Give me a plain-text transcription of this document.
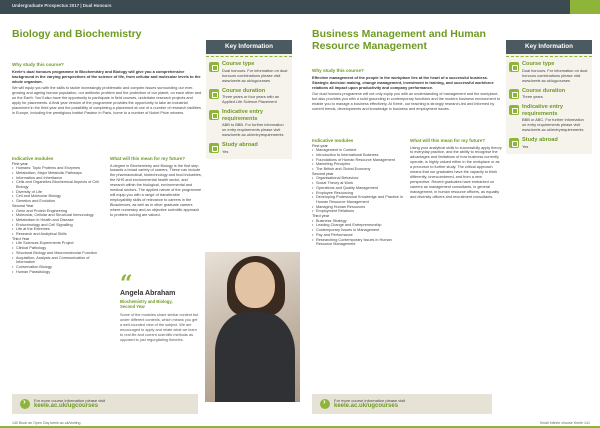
Undergraduate Prospectus 2017 | Dual Honours
Biology and Biochemistry
Why study this course?
Keele's dual honours programme in Biochemistry and Biology will give you a comprehensive background in the varying perspectives of the science of life, from cellular and molecular levels to the whole organism.
We will equip you with the skills to tackle increasingly problematic and complex issues surrounding our ever-growing and ageing human population, our antibiotic problem and the protection of our planet, on each other and on the Earth. You'll also have the opportunity to participate in field courses, undertake research projects and apply for placements. A final year version of the programme provides the opportunity to take an industrial placement in the third year and the possibility of completing a placement at one of a number of research facilities in Europe, including the prestigious Institut Pasteur in Paris, home to a number of Nobel Prize winners.
Indicative modules
First year
• Humans: Topic Proteins and Enzymes
• Metabolism, Major Metabolic Pathways
• Information and Inheritance
• Cells and Organelles Biochemical Aspects of Cell Biology
• Diversity of Life
• Cell and Molecular Biology
• Genetics and Evolution
Second Year
• Gene and Protein Engineering
• Molecular, Cellular and Structural Immunology
• Metabolism in Health and Disease
• Endocrinology and Cell Signalling
• Life at the Extremes
• Research and Analytical Skills
Third Year
• Life Sciences Experiments Project
• Clinical Pathology
• Structural Biology and Macromolecular Function
• Acquisition, Analysis and Communication of Information
• Conservation Biology
• Human Parasitology
What will this mean for my future?
A degree in Biochemistry and Biology is the first step towards a broad variety of careers. These can include the pharmaceutical, biotechnology and food industries, the NHS and environmental health sector, and research within the biological, environmental and medical sectors. The applied nature of the programme will equip you with a range of transferable employability skills of relevance to careers in the Biosciences, as well as in other graduate careers where numeracy and an objective scientific approach to problem solving are valued.
Key Information
Course type
Dual honours. For information on dual honours combinations please visit www.keele.ac.uk/ugcourses
Course duration
Three years or four years with an Applied Life Science Placement
Indicative entry requirements
ABB to BBB. For further information on entry requirements please visit www.keele.ac.uk/entryrequirements
Study abroad
Yes
“
Angela Abraham
Biochemistry and Biology,
Second Year
Some of the modules share similar content but under different contexts, which means you get a well-rounded view of the subject. We are encouraged to apply and relate what we learn to real life and current scientific methods as opposed to just regurgitating theories.
›
For more course information please visit
keele.ac.uk/ugcourses
140 Book an Open Day keele.ac.uk/visiting
Business Management and Human Resource Management
Why study this course?
Effective management of the people in the workplace lies at the heart of a successful business. Strategic decision making, change management, investment in training, and successful workforce relations all impact upon productivity and company performance.
Our dual honours programme will not only equip you with an understanding of management and the workplace, but also provides you with a solid grounding in contemporary functions and the modern business environment to enable you to manage a business effectively. At Keele, our teaching is strongly research-led and informed by current trends, developments and knowledge in business and employment issues.
Indicative modules
First year
• Management in Context
• Introduction to International Business
• Foundations of Human Resource Management
• Marketing Principles
• The British and Global Economy
Second year
• Organisational Behaviour
• Social Theory at Work
• Operations and Quality Management
• Employee Resourcing
• Developing Professional Knowledge and Practice in Human Resource Management
• Managing Human Resources
• Employment Relations
Third year
• Business Strategy
• Leading Change and Entrepreneurship
• Contemporary Issues in Management
• Pay and Performance
• Researching Contemporary Issues in Human Resource Management
What will this mean for my future?
Using your analytical skills to successfully apply theory to everyday practice, and the ability to recognise the advantages and limitations of how business currently operate, is highly valued either in the workplace or as a precursor to further study. The critical approach means that our graduates have the capacity to think differently, unencumbered, and from a new perspective. Recent graduates have embarked on careers as management consultants, in general management, in human resource officers, as equality and diversity officers and recruitment consultants.
Key Information
Course type
Dual honours. For information on dual honours combinations please visit www.keele.ac.uk/ugcourses
Course duration
Three years
Indicative entry requirements
BBB or ABC. For further information on entry requirements please visit www.keele.ac.uk/entryrequirements
Study abroad
Yes
›
For more course information please visit
keele.ac.uk/ugcourses
Small Infinite choose Keele 141
